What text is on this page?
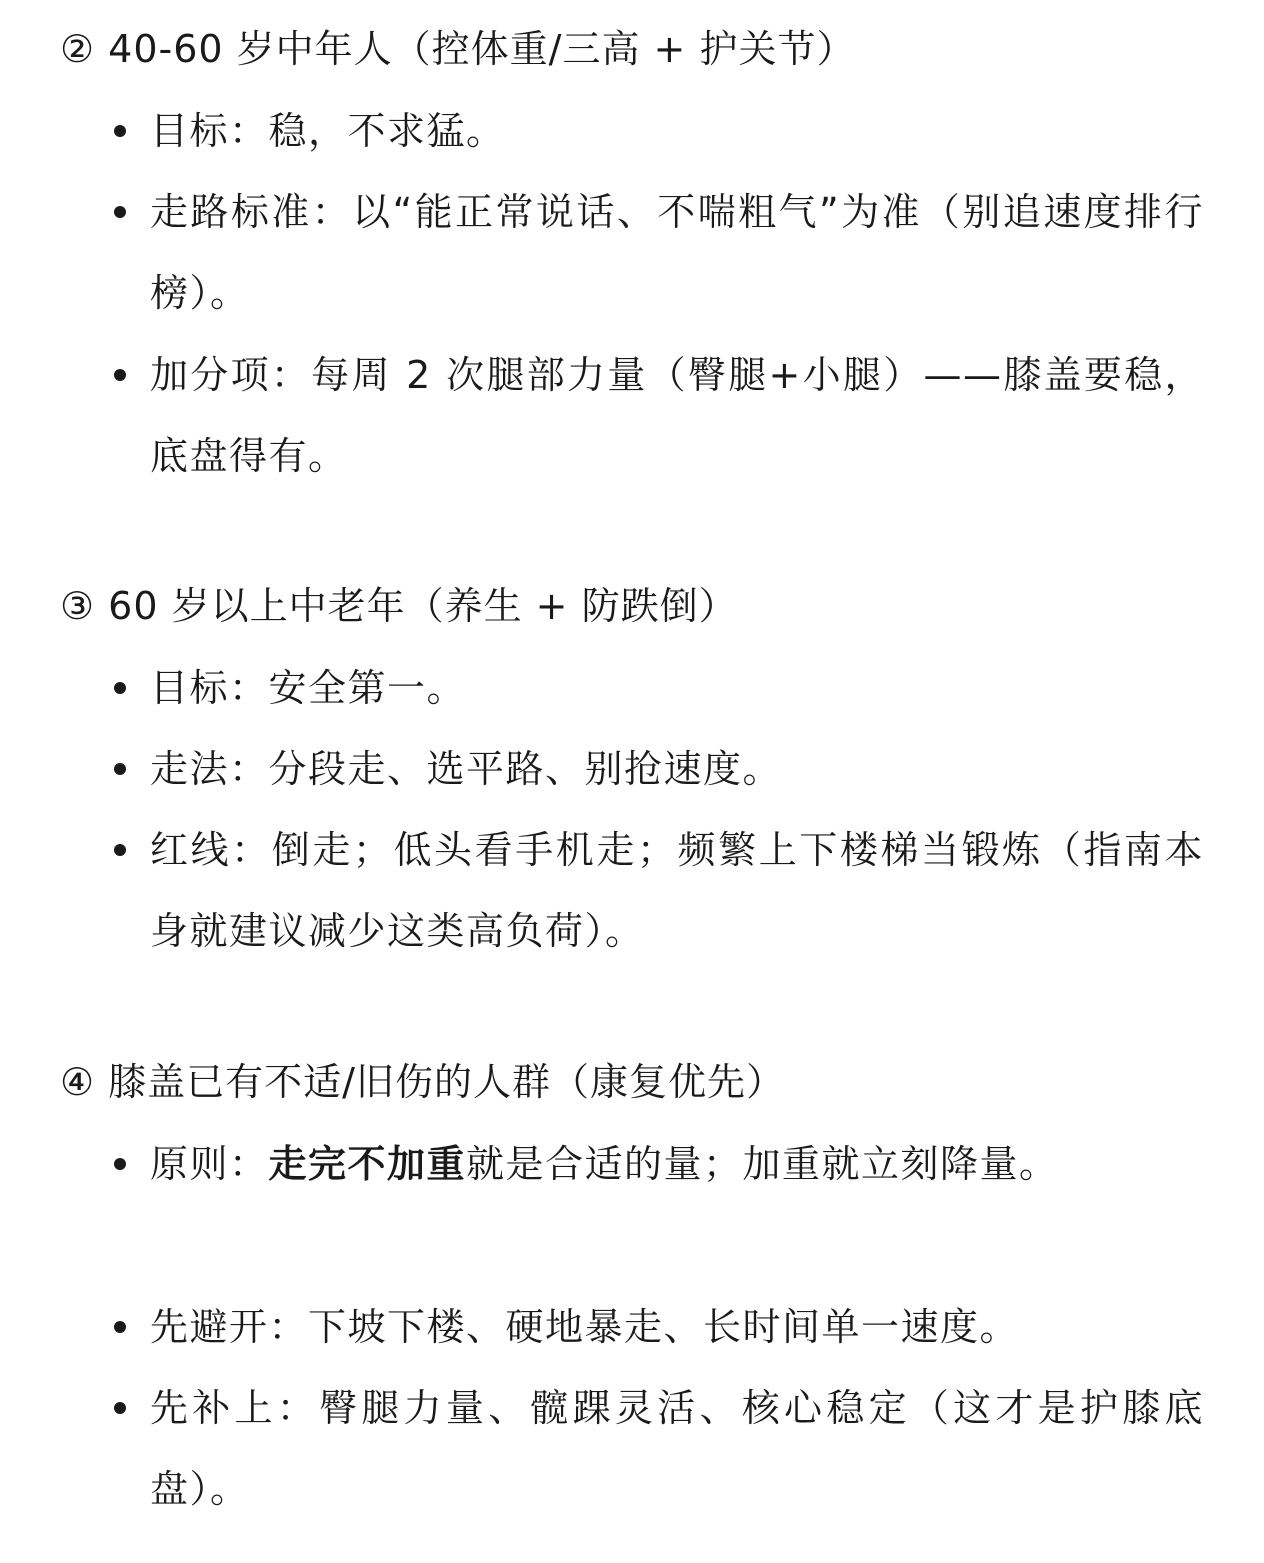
② 40-60 岁中年人（控体重/三高 + 护关节）
目标：稳，不求猛。
走路标准：以“能正常说话、不喘粗气”为准（别追速度排行榜）。
加分项：每周 2 次腿部力量（臀腿+小腿）——膝盖要稳，底盘得有。
③ 60 岁以上中老年（养生 + 防跌倒）
目标：安全第一。
走法：分段走、选平路、别抢速度。
红线：倒走；低头看手机走；频繁上下楼梯当锻炼（指南本身就建议减少这类高负荷）。
④ 膝盖已有不适/旧伤的人群（康复优先）
原则：走完不加重就是合适的量；加重就立刻降量。
先避开：下坡下楼、硬地暴走、长时间单一速度。
先补上：臀腿力量、髋踝灵活、核心稳定（这才是护膝底盘）。
